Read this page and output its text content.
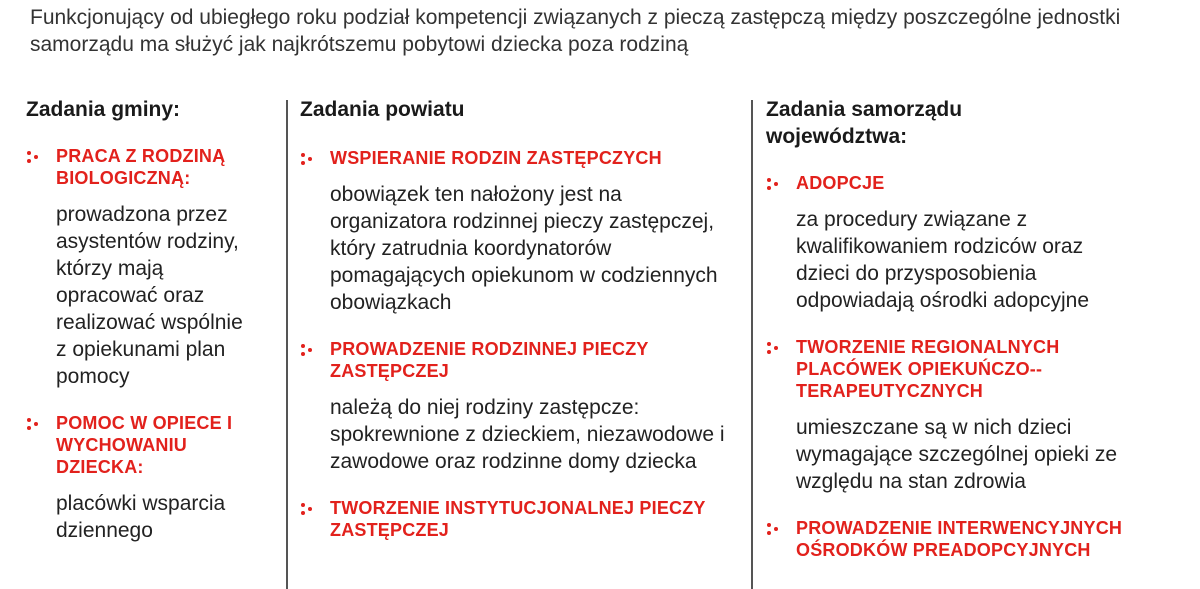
Funkcjonujący od ubiegłego roku podział kompetencji związanych z pieczą zastępczą między poszczególne jednostki samorządu ma służyć jak najkrótszemu pobytowi dziecka poza rodziną
Zadania gminy:
PRACA Z RODZINĄ BIOLOGICZNĄ:
prowadzona przez asystentów rodziny, którzy mają opracować oraz realizować wspólnie z opiekunami plan pomocy
POMOC W OPIECE I WYCHOWANIU DZIECKA:
placówki wsparcia dziennego
Zadania powiatu
WSPIERANIE RODZIN ZASTĘPCZYCH
obowiązek ten nałożony jest na organizatora rodzinnej pieczy zastępczej, który zatrudnia koordynatorów pomagających opiekunom w codziennych obowiązkach
PROWADZENIE RODZINNEJ PIECZY ZASTĘPCZEJ
należą do niej rodziny zastępcze: spokrewnione z dzieckiem, niezawodowe i zawodowe oraz rodzinne domy dziecka
TWORZENIE INSTYTUCJONALNEJ PIECZY ZASTĘPCZEJ
Zadania samorządu województwa:
ADOPCJE
za procedury związane z kwalifikowaniem rodziców oraz dzieci do przysposobienia odpowiadają ośrodki adopcyjne
TWORZENIE REGIONALNYCH PLACÓWEK OPIEKUŃCZO--TERAPEUTYCZNYCH
umieszczane są w nich dzieci wymagające szczególnej opieki ze względu na stan zdrowia
PROWADZENIE INTERWENCYJNYCH OŚRODKÓW PREADOPCYJNYCH
